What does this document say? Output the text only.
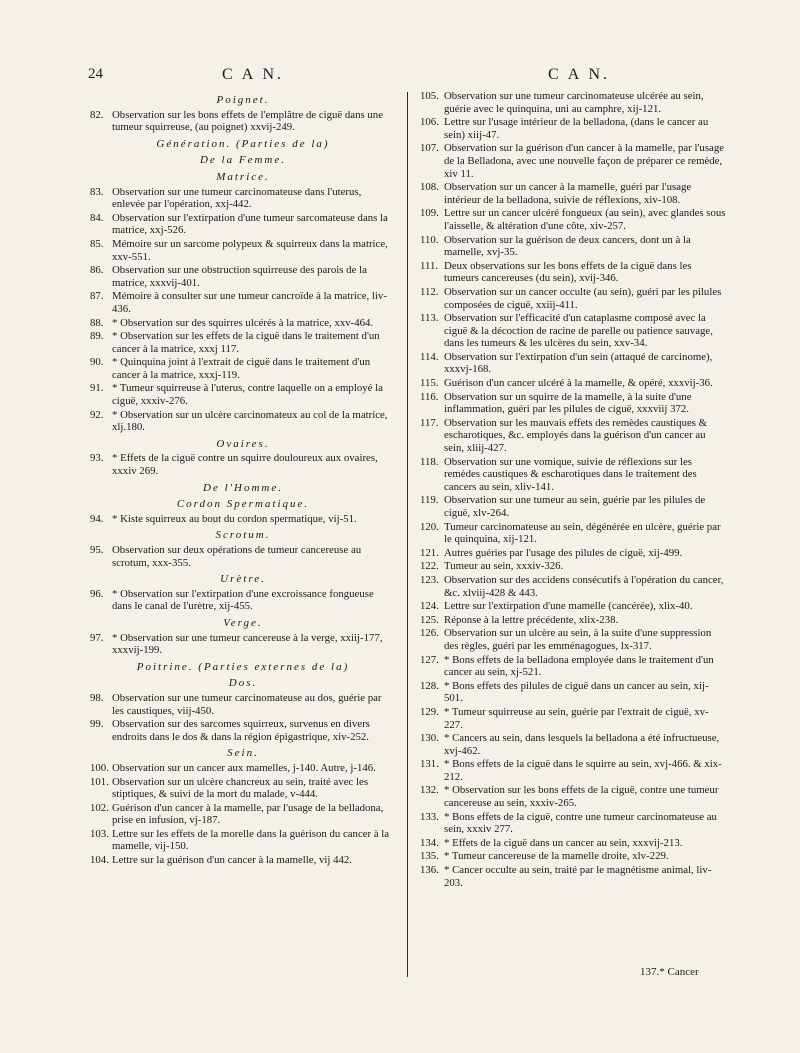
24	C A N.	C A N.
Poignet.
82. Observation sur les bons effets de l'emplâtre de ciguë dans une tumeur squirreuse, (au poignet) xxvij-249.
Génération. (Parties de la)
De la Femme.
Matrice.
83. Observation sur une tumeur carcinomateuse dans l'uterus, enlevée par l'opération, xxj-442.
84. Observation sur l'extirpation d'une tumeur sarcomateuse dans la matrice, xxj-526.
85. Mémoire sur un sarcome polypeux & squirreux dans la matrice, xxv-551.
86. Observation sur une obstruction squirreuse des parois de la matrice, xxxvij-401.
87. Mémoire à consulter sur une tumeur cancroïde à la matrice, liv-436.
88. * Observation sur des squirres ulcérés à la matrice, xxv-464.
89. * Observation sur les effets de la ciguë dans le traitement d'un cancer à la matrice, xxxj 117.
90. * Quinquina joint à l'extrait de ciguë dans le traitement d'un cancer à la matrice, xxxj-119.
91. * Tumeur squirreuse à l'uterus, contre laquelle on a employé la ciguë, xxxiv-276.
92. * Observation sur un ulcère carcinomateux au col de la matrice, xlj.180.
Ovaires.
93. * Effets de la ciguë contre un squirre douloureux aux ovaires, xxxiv 269.
De l'Homme.
Cordon Spermatique.
94. * Kiste squirreux au bout du cordon spermatique, vij-51.
Scrotum.
95. Observation sur deux opérations de tumeur cancereuse au scrotum, xxx-355.
Urètre.
96. * Observation sur l'extirpation d'une excroissance fongueuse dans le canal de l'urètre, xij-455.
Verge.
97. * Observation sur une tumeur cancereuse à la verge, xxiij-177, xxxvij-199.
Poitrine. (Parties externes de la)
Dos.
98. Observation sur une tumeur carcinomateuse au dos, guérie par les caustiques, viij-450.
99. Observation sur des sarcomes squirreux, survenus en divers endroits dans le dos & dans la région épigastrique, xiv-252.
Sein.
100. Observation sur un cancer aux mamelles, j-140. Autre, j-146.
101. Observation sur un ulcère chancreux au sein, traité avec les stiptiques, & suivi de la mort du malade, v-444.
102. Guérison d'un cancer à la mamelle, par l'usage de la belladona, prise en infusion, vj-187.
103. Lettre sur les effets de la morelle dans la guérison du cancer à la mamelle, vij-150.
104. Lettre sur la guérison d'un cancer à la mamelle, vij 442.
105. Observation sur une tumeur carcinomateuse ulcérée au sein, guérie avec le quinquina, uni au camphre, xij-121.
106. Lettre sur l'usage intérieur de la belladona, (dans le cancer au sein) xiij-47.
107. Observation sur la guérison d'un cancer à la mamelle, par l'usage de la Belladona, avec une nouvelle façon de préparer ce remède, xiv 11.
108. Observation sur un cancer à la mamelle, guéri par l'usage intérieur de la belladona, suivie de réflexions, xiv-108.
109. Lettre sur un cancer ulcéré fongueux (au sein), avec glandes sous l'aisselle, & altération d'une côte, xiv-257.
110. Observation sur la guérison de deux cancers, dont un à la mamelle, xvj-35.
111. Deux observations sur les bons effets de la ciguë dans les tumeurs cancereuses (du sein), xvij-346.
112. Observation sur un cancer occulte (au sein), guéri par les pilules composées de ciguë, xxiij-411.
113. Observation sur l'efficacité d'un cataplasme composé avec la ciguë & la décoction de racine de parelle ou patience sauvage, dans les tumeurs & les ulcères du sein, xxv-34.
114. Observation sur l'extirpation d'un sein (attaqué de carcinome), xxxvj-168.
115. Guérison d'un cancer ulcéré à la mamelle, & opéré, xxxvij-36.
116. Observation sur un squirre de la mamelle, à la suite d'une inflammation, guéri par les pilules de ciguë, xxxviij 372.
117. Observation sur les mauvais effets des remèdes caustiques & escharotiques, &c. employés dans la guérison d'un cancer au sein, xliij-427.
118. Observation sur une vomique, suivie de réflexions sur les remèdes caustiques & escharotiques dans le traitement des cancers au sein, xliv-141.
119. Observation sur une tumeur au sein, guérie par les pilules de ciguë, xlv-264.
120. Tumeur carcinomateuse au sein, dégénérée en ulcère, guérie par le quinquina, xij-121.
121. Autres guéries par l'usage des pilules de ciguë, xij-499.
122. Tumeur au sein, xxxiv-326.
123. Observation sur des accidens consécutifs à l'opération du cancer, &c. xlviij-428 & 443.
124. Lettre sur l'extirpation d'une mamelle (cancérée), xlix-40.
125. Réponse à la lettre précédente, xlix-238.
126. Observation sur un ulcère au sein, à la suite d'une suppression des règles, guéri par les emménagogues, lx-317.
127. * Bons effets de la belladona employée dans le traitement d'un cancer au sein, xj-521.
128. * Bons effets des pilules de ciguë dans un cancer au sein, xij-501.
129. * Tumeur squirreuse au sein, guérie par l'extrait de ciguë, xv-227.
130. * Cancers au sein, dans lesquels la belladona a été infructueuse, xvj-462.
131. * Bons effets de la ciguë dans le squirre au sein, xvj-466. & xix-212.
132. * Observation sur les bons effets de la ciguë, contre une tumeur cancereuse au sein, xxxiv-265.
133. * Bons effets de la ciguë, contre une tumeur carcinomateuse au sein, xxxiv 277.
134. * Effets de la ciguë dans un cancer au sein, xxxvij-213.
135. * Tumeur cancereuse de la mamelle droite, xlv-229.
136. * Cancer occulte au sein, traité par le magnétisme animal, liv-203.
137.* Cancer
